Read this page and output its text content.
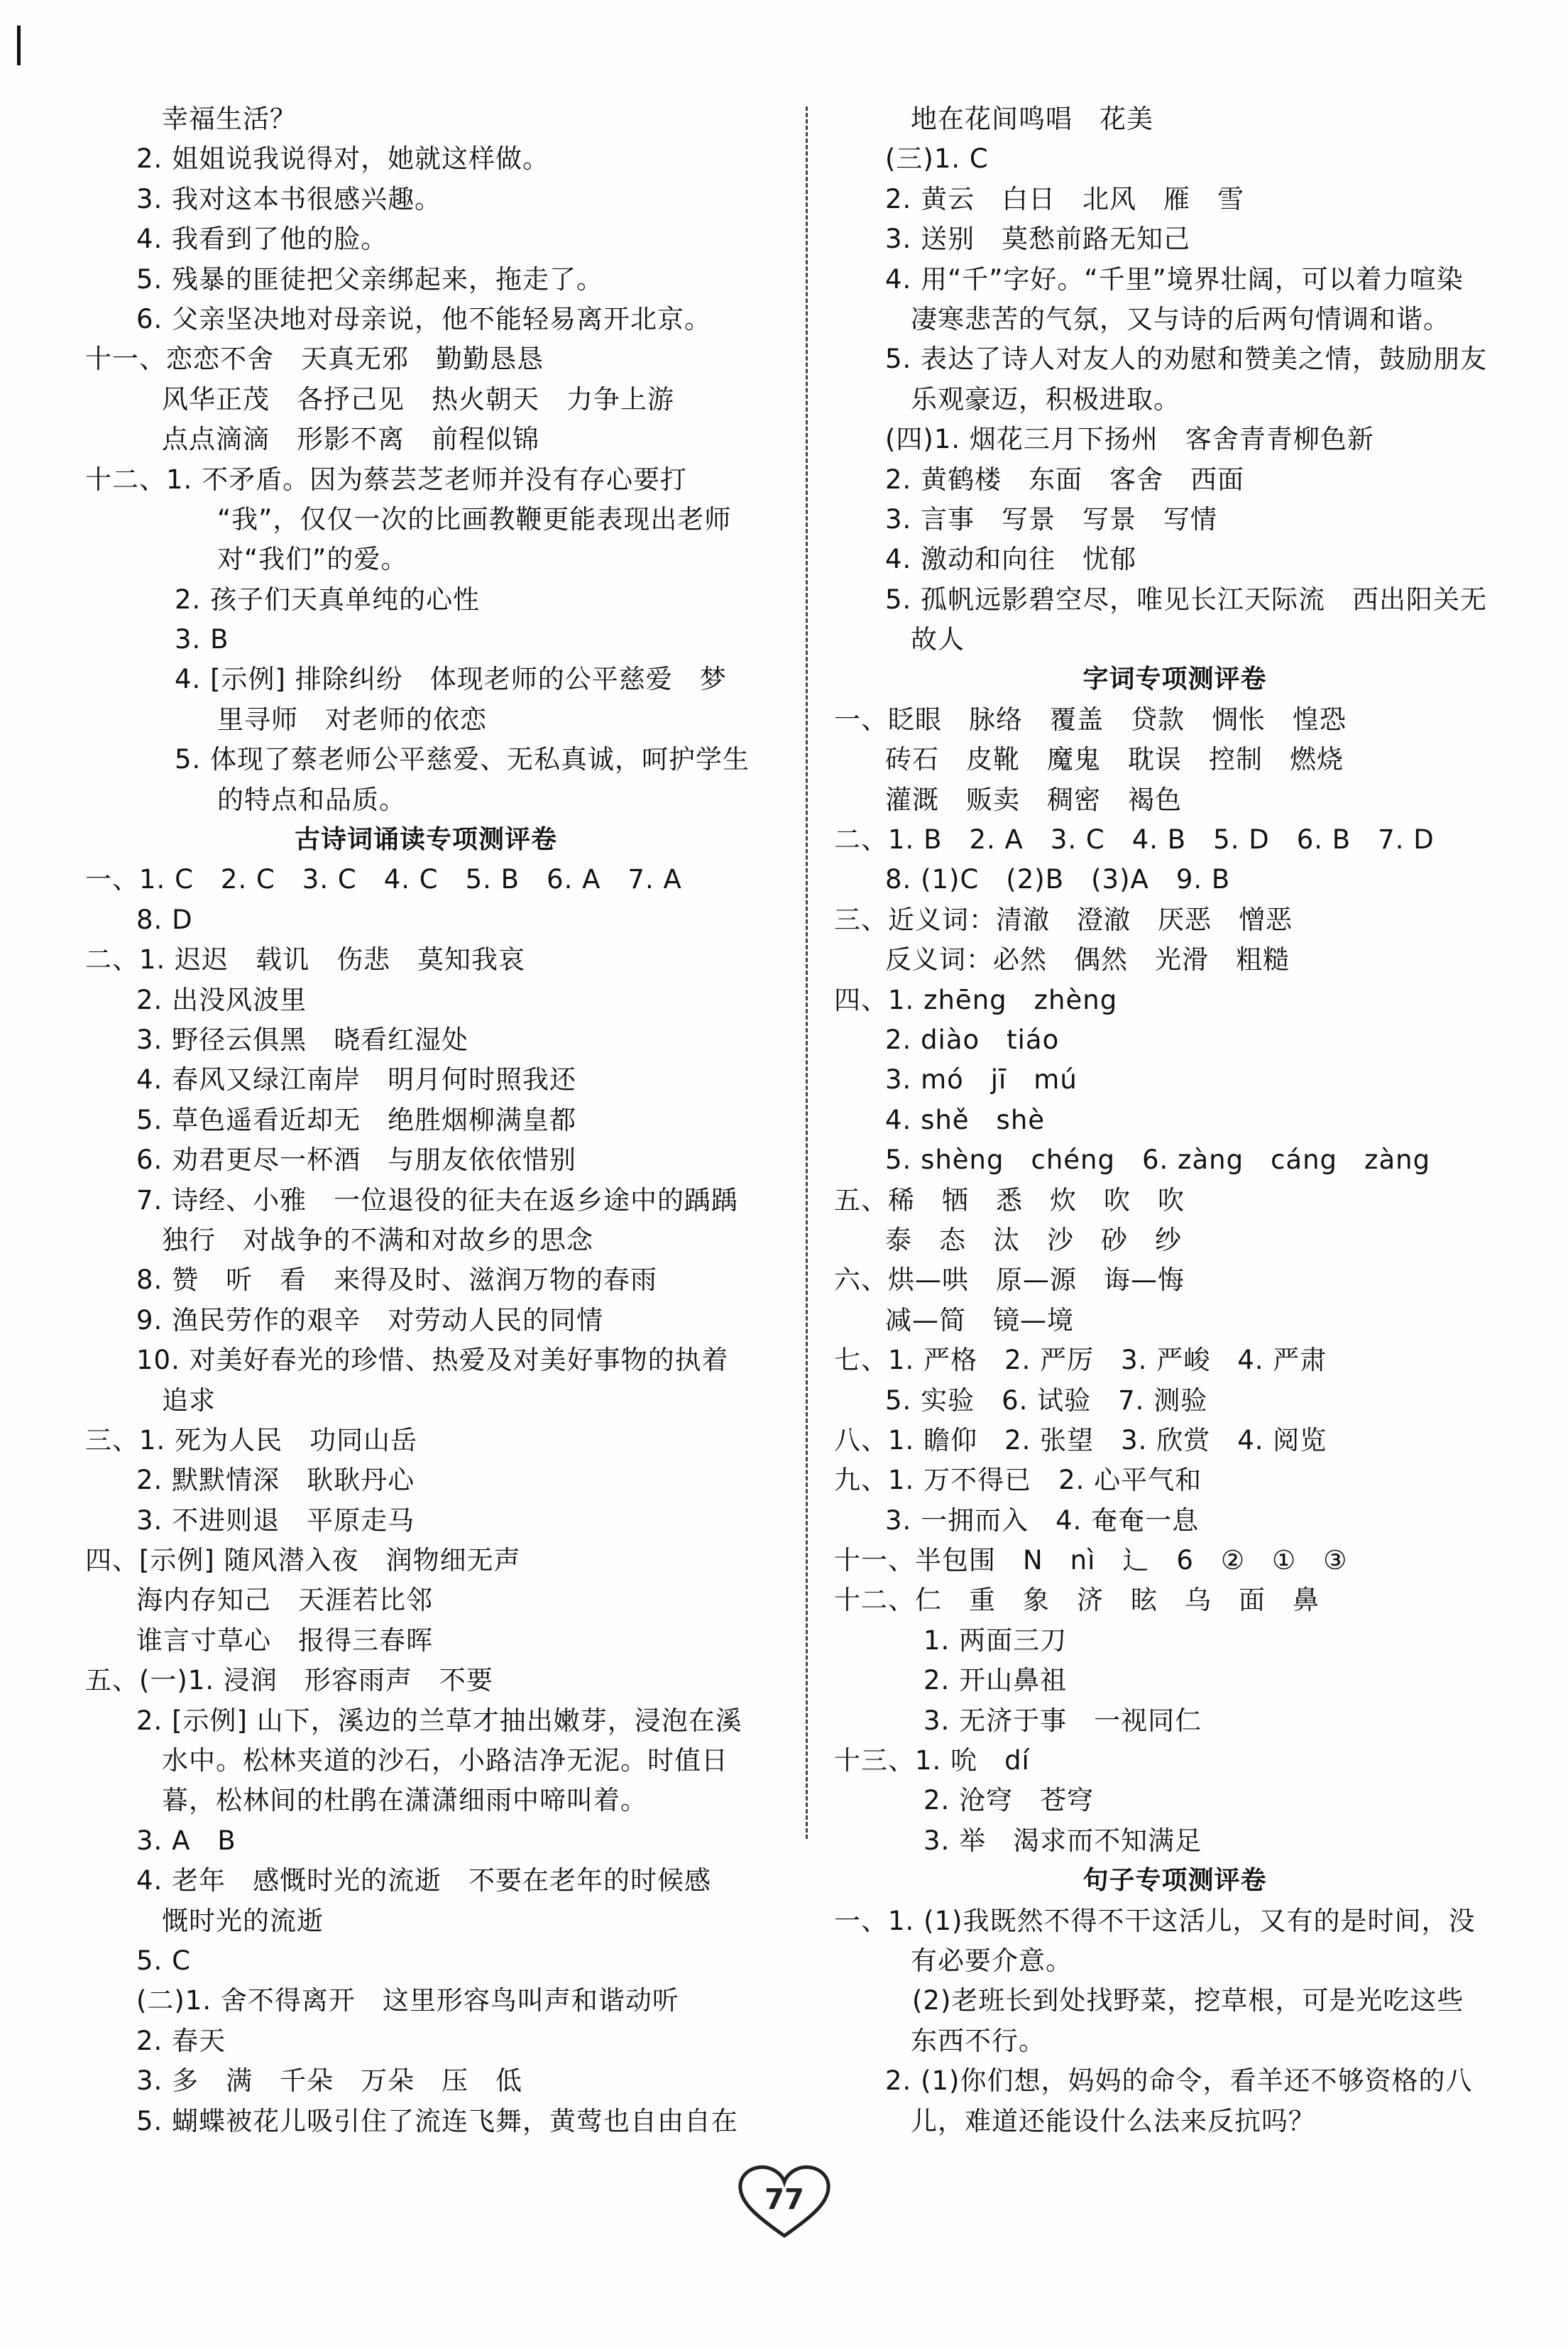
幸福生活？
2. 姐姐说我说得对，她就这样做。
3. 我对这本书很感兴趣。
4. 我看到了他的脸。
5. 残暴的匪徒把父亲绑起来，拖走了。
6. 父亲坚决地对母亲说，他不能轻易离开北京。
十一、恋恋不舍　天真无邪　勤勤恳恳
风华正茂　各抒己见　热火朝天　力争上游
点点滴滴　形影不离　前程似锦
十二、1. 不矛盾。因为蔡芸芝老师并没有存心要打
“我”，仅仅一次的比画教鞭更能表现出老师
对“我们”的爱。
2. 孩子们天真单纯的心性
3. B
4. [示例] 排除纠纷　体现老师的公平慈爱　梦
里寻师　对老师的依恋
5. 体现了蔡老师公平慈爱、无私真诚，呵护学生
的特点和品质。
古诗词诵读专项测评卷
一、1. C　2. C　3. C　4. C　5. B　6. A　7. A
8. D
二、1. 迟迟　载讥　伤悲　莫知我哀
2. 出没风波里
3. 野径云俱黑　晓看红湿处
4. 春风又绿江南岸　明月何时照我还
5. 草色遥看近却无　绝胜烟柳满皇都
6. 劝君更尽一杯酒　与朋友依依惜别
7. 诗经、小雅　一位退役的征夫在返乡途中的踽踽
独行　对战争的不满和对故乡的思念
8. 赞　听　看　来得及时、滋润万物的春雨
9. 渔民劳作的艰辛　对劳动人民的同情
10. 对美好春光的珍惜、热爱及对美好事物的执着
追求
三、1. 死为人民　功同山岳
2. 默默情深　耿耿丹心
3. 不进则退　平原走马
四、[示例] 随风潜入夜　润物细无声
海内存知己　天涯若比邻
谁言寸草心　报得三春晖
五、(一)1. 浸润　形容雨声　不要
2. [示例] 山下，溪边的兰草才抽出嫩芽，浸泡在溪
水中。松林夹道的沙石，小路洁净无泥。时值日
暮，松林间的杜鹃在潇潇细雨中啼叫着。
3. A　B
4. 老年　感慨时光的流逝　不要在老年的时候感
慨时光的流逝
5. C
(二)1. 舍不得离开　这里形容鸟叫声和谐动听
2. 春天
3. 多　满　千朵　万朵　压　低
5. 蝴蝶被花儿吸引住了流连飞舞，黄莺也自由自在
地在花间鸣唱　花美
(三)1. C
2. 黄云　白日　北风　雁　雪
3. 送别　莫愁前路无知己
4. 用“千”字好。“千里”境界壮阔，可以着力喧染
凄寒悲苦的气氛，又与诗的后两句情调和谐。
5. 表达了诗人对友人的劝慰和赞美之情，鼓励朋友
乐观豪迈，积极进取。
(四)1. 烟花三月下扬州　客舍青青柳色新
2. 黄鹤楼　东面　客舍　西面
3. 言事　写景　写景　写情
4. 激动和向往　忧郁
5. 孤帆远影碧空尽，唯见长江天际流　西出阳关无
故人
字词专项测评卷
一、眨眼　脉络　覆盖　贷款　惆怅　惶恐
砖石　皮靴　魔鬼　耽误　控制　燃烧
灌溉　贩卖　稠密　褐色
二、1. B　2. A　3. C　4. B　5. D　6. B　7. D
8. (1)C　(2)B　(3)A　9. B
三、近义词：清澈　澄澈　厌恶　憎恶
反义词：必然　偶然　光滑　粗糙
四、1. zhēng　zhèng
2. diào　tiáo
3. mó　jī　mú
4. shě　shè
5. shèng　chéng　6. zàng　cáng　zàng
五、稀　牺　悉　炊　吹　吹
泰　态　汰　沙　砂　纱
六、烘—哄　原—源　诲—悔
减—简　镜—境
七、1. 严格　2. 严厉　3. 严峻　4. 严肃
5. 实验　6. 试验　7. 测验
八、1. 瞻仰　2. 张望　3. 欣赏　4. 阅览
九、1. 万不得已　2. 心平气和
3. 一拥而入　4. 奄奄一息
十一、半包围　N　nì　辶　6　②　①　③
十二、仁　重　象　济　眩　乌　面　鼻
1. 两面三刀
2. 开山鼻祖
3. 无济于事　一视同仁
十三、1. 吮　dí
2. 沧穹　苍穹
3. 举　渴求而不知满足
句子专项测评卷
一、1. (1)我既然不得不干这活儿，又有的是时间，没
有必要介意。
　(2)老班长到处找野菜，挖草根，可是光吃这些
东西不行。
2. (1)你们想，妈妈的命令，看羊还不够资格的八
儿，难道还能设什么法来反抗吗？
77
